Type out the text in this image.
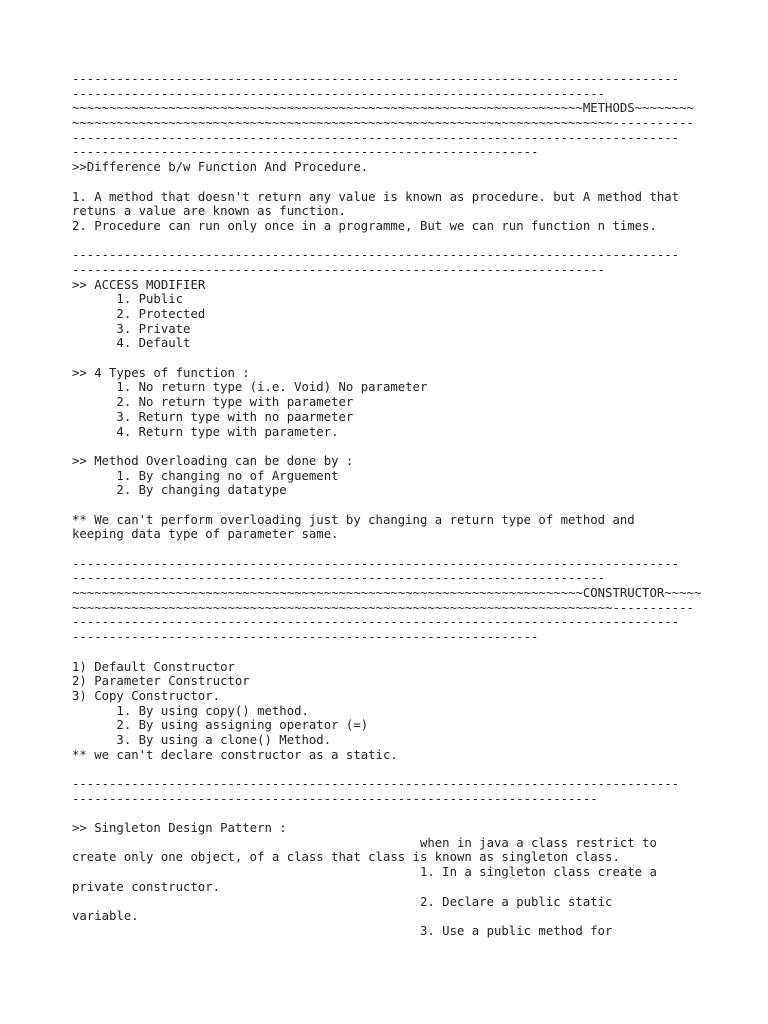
----------------------------------------------------------------------------------
------------------------------------------------------------------------
~~~~~~~~~~~~~~~~~~~~~~~~~~~~~~~~~~~~~~~~~~~~~~~~~~~~~~~~~~~~~~~~~~~~~METHODS~~~~~~~~
~~~~~~~~~~~~~~~~~~~~~~~~~~~~~~~~~~~~~~~~~~~~~~~~~~~~~~~~~~~~~~~~~~~~~~~~~-----------
----------------------------------------------------------------------------------
---------------------------------------------------------------
>>Difference b/w Function And Procedure.
1. A method that doesn't return any value is known as procedure. but A method that
retuns a value are known as function.
2. Procedure can run only once in a programme, But we can run function n times.
----------------------------------------------------------------------------------
------------------------------------------------------------------------
>> ACCESS MODIFIER
1. Public
2. Protected
3. Private
4. Default
>> 4 Types of function :
1. No return type (i.e. Void) No parameter
2. No return type with parameter
3. Return type with no paarmeter
4. Return type with parameter.
>> Method Overloading can be done by :
1. By changing no of Arguement
2. By changing datatype
** We can't perform overloading just by changing a return type of method and
keeping data type of parameter same.
----------------------------------------------------------------------------------
------------------------------------------------------------------------
~~~~~~~~~~~~~~~~~~~~~~~~~~~~~~~~~~~~~~~~~~~~~~~~~~~~~~~~~~~~~~~~~~~~~CONSTRUCTOR~~~~~
~~~~~~~~~~~~~~~~~~~~~~~~~~~~~~~~~~~~~~~~~~~~~~~~~~~~~~~~~~~~~~~~~~~~~~~~~-----------
----------------------------------------------------------------------------------
---------------------------------------------------------------
1) Default Constructor
2) Parameter Constructor
3) Copy Constructor.
1. By using copy() method.
2. By using assigning operator (=)
3. By using a clone() Method.
** we can't declare constructor as a static.
----------------------------------------------------------------------------------
-----------------------------------------------------------------------
>> Singleton Design Pattern :
when in java a class restrict to
create only one object, of a class that class is known as singleton class.
1. In a singleton class create a
private constructor.
2. Declare a public static
variable.
3. Use a public method for
